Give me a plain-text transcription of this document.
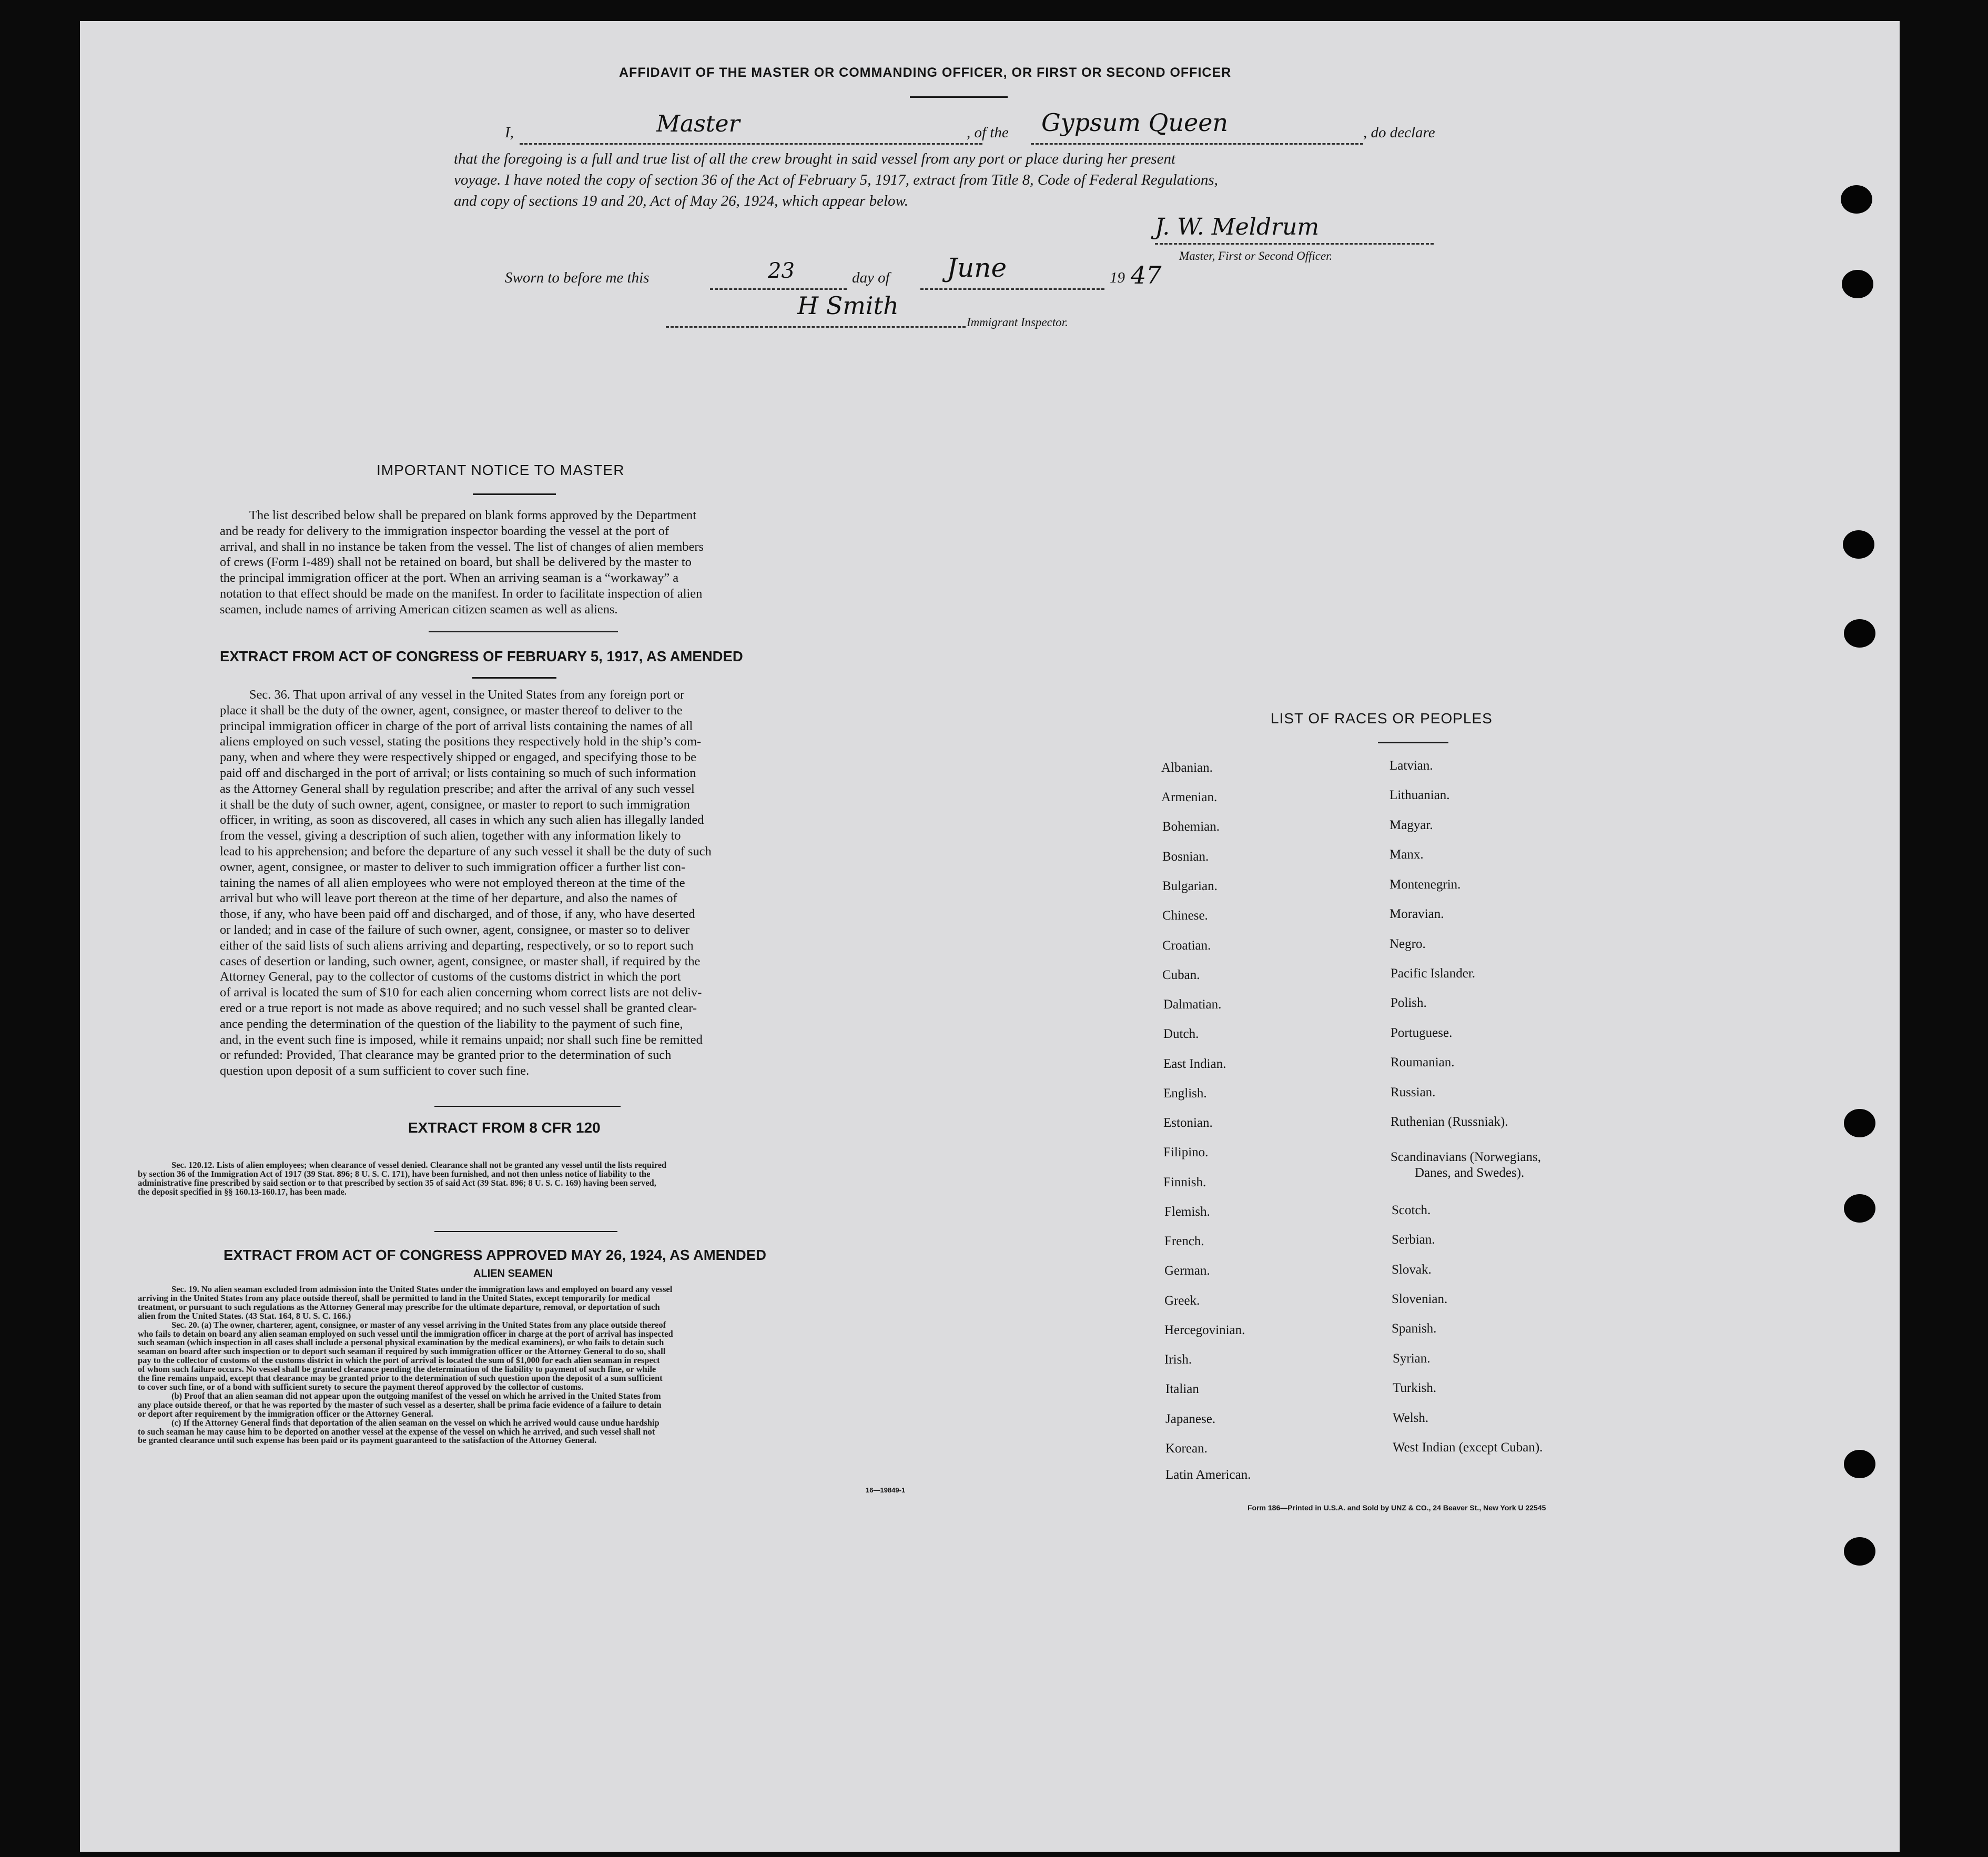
AFFIDAVIT OF THE MASTER OR COMMANDING OFFICER, OR FIRST OR SECOND OFFICER
I,	Master	, of the Gypsum Queen	, do declare
that the foregoing is a full and true list of all the crew brought in said vessel from any port or place during her present
voyage. I have noted the copy of section 36 of the Act of February 5, 1917, extract from Title 8, Code of Federal Regulations,
and copy of sections 19 and 20, Act of May 26, 1924, which appear below.
J. W. Meldrum
Master, First or Second Officer.
Sworn to before me this	23	day of June	19 47
H Smith
Immigrant Inspector.
IMPORTANT NOTICE TO MASTER
The list described below shall be prepared on blank forms approved by the Department
and be ready for delivery to the immigration inspector boarding the vessel at the port of
arrival, and shall in no instance be taken from the vessel. The list of changes of alien members
of crews (Form I-489) shall not be retained on board, but shall be delivered by the master to
the principal immigration officer at the port. When an arriving seaman is a “workaway” a
notation to that effect should be made on the manifest. In order to facilitate inspection of alien
seamen, include names of arriving American citizen seamen as well as aliens.
EXTRACT FROM ACT OF CONGRESS OF FEBRUARY 5, 1917, AS AMENDED
Sec. 36. That upon arrival of any vessel in the United States from any foreign port or
place it shall be the duty of the owner, agent, consignee, or master thereof to deliver to the
principal immigration officer in charge of the port of arrival lists containing the names of all
aliens employed on such vessel, stating the positions they respectively hold in the ship’s com-
pany, when and where they were respectively shipped or engaged, and specifying those to be
paid off and discharged in the port of arrival; or lists containing so much of such information
as the Attorney General shall by regulation prescribe; and after the arrival of any such vessel
it shall be the duty of such owner, agent, consignee, or master to report to such immigration
officer, in writing, as soon as discovered, all cases in which any such alien has illegally landed
from the vessel, giving a description of such alien, together with any information likely to
lead to his apprehension; and before the departure of any such vessel it shall be the duty of such
owner, agent, consignee, or master to deliver to such immigration officer a further list con-
taining the names of all alien employees who were not employed thereon at the time of the
arrival but who will leave port thereon at the time of her departure, and also the names of
those, if any, who have been paid off and discharged, and of those, if any, who have deserted
or landed; and in case of the failure of such owner, agent, consignee, or master so to deliver
either of the said lists of such aliens arriving and departing, respectively, or so to report such
cases of desertion or landing, such owner, agent, consignee, or master shall, if required by the
Attorney General, pay to the collector of customs of the customs district in which the port
of arrival is located the sum of $10 for each alien concerning whom correct lists are not deliv-
ered or a true report is not made as above required; and no such vessel shall be granted clear-
ance pending the determination of the question of the liability to the payment of such fine,
and, in the event such fine is imposed, while it remains unpaid; nor shall such fine be remitted
or refunded: Provided, That clearance may be granted prior to the determination of such
question upon deposit of a sum sufficient to cover such fine.
EXTRACT FROM 8 CFR 120
Sec. 120.12. Lists of alien employees; when clearance of vessel denied. Clearance shall not be granted any vessel until the lists required
by section 36 of the Immigration Act of 1917 (39 Stat. 896; 8 U. S. C. 171), have been furnished, and not then unless notice of liability to the
administrative fine prescribed by said section or to that prescribed by section 35 of said Act (39 Stat. 896; 8 U. S. C. 169) having been served,
the deposit specified in §§ 160.13-160.17, has been made.
EXTRACT FROM ACT OF CONGRESS APPROVED MAY 26, 1924, AS AMENDED
ALIEN SEAMEN
Sec. 19. No alien seaman excluded from admission into the United States under the immigration laws and employed on board any vessel
arriving in the United States from any place outside thereof, shall be permitted to land in the United States, except temporarily for medical
treatment, or pursuant to such regulations as the Attorney General may prescribe for the ultimate departure, removal, or deportation of such
alien from the United States. (43 Stat. 164, 8 U. S. C. 166.)
Sec. 20. (a) The owner, charterer, agent, consignee, or master of any vessel arriving in the United States from any place outside thereof
who fails to detain on board any alien seaman employed on such vessel until the immigration officer in charge at the port of arrival has inspected
such seaman (which inspection in all cases shall include a personal physical examination by the medical examiners), or who fails to detain such
seaman on board after such inspection or to deport such seaman if required by such immigration officer or the Attorney General to do so, shall
pay to the collector of customs of the customs district in which the port of arrival is located the sum of $1,000 for each alien seaman in respect
of whom such failure occurs. No vessel shall be granted clearance pending the determination of the liability to payment of such fine, or while
the fine remains unpaid, except that clearance may be granted prior to the determination of such question upon the deposit of a sum sufficient
to cover such fine, or of a bond with sufficient surety to secure the payment thereof approved by the collector of customs.
(b) Proof that an alien seaman did not appear upon the outgoing manifest of the vessel on which he arrived in the United States from
any place outside thereof, or that he was reported by the master of such vessel as a deserter, shall be prima facie evidence of a failure to detain
or deport after requirement by the immigration officer or the Attorney General.
(c) If the Attorney General finds that deportation of the alien seaman on the vessel on which he arrived would cause undue hardship
to such seaman he may cause him to be deported on another vessel at the expense of the vessel on which he arrived, and such vessel shall not
be granted clearance until such expense has been paid or its payment guaranteed to the satisfaction of the Attorney General.
16—19849-1
LIST OF RACES OR PEOPLES
Albanian.
Armenian.
Bohemian.
Bosnian.
Bulgarian.
Chinese.
Croatian.
Cuban.
Dalmatian.
Dutch.
East Indian.
English.
Estonian.
Filipino.
Finnish.
Flemish.
French.
German.
Greek.
Hercegovinian.
Irish.
Italian
Japanese.
Korean.
Latin American.
Latvian.
Lithuanian.
Magyar.
Manx.
Montenegrin.
Moravian.
Negro.
Pacific Islander.
Polish.
Portuguese.
Roumanian.
Russian.
Ruthenian (Russniak).
Scandinavians (Norwegians,
Danes, and Swedes).
Scotch.
Serbian.
Slovak.
Slovenian.
Spanish.
Syrian.
Turkish.
Welsh.
West Indian (except Cuban).
Form 186—Printed in U.S.A. and Sold by UNZ & CO., 24 Beaver St., New York U 22545
